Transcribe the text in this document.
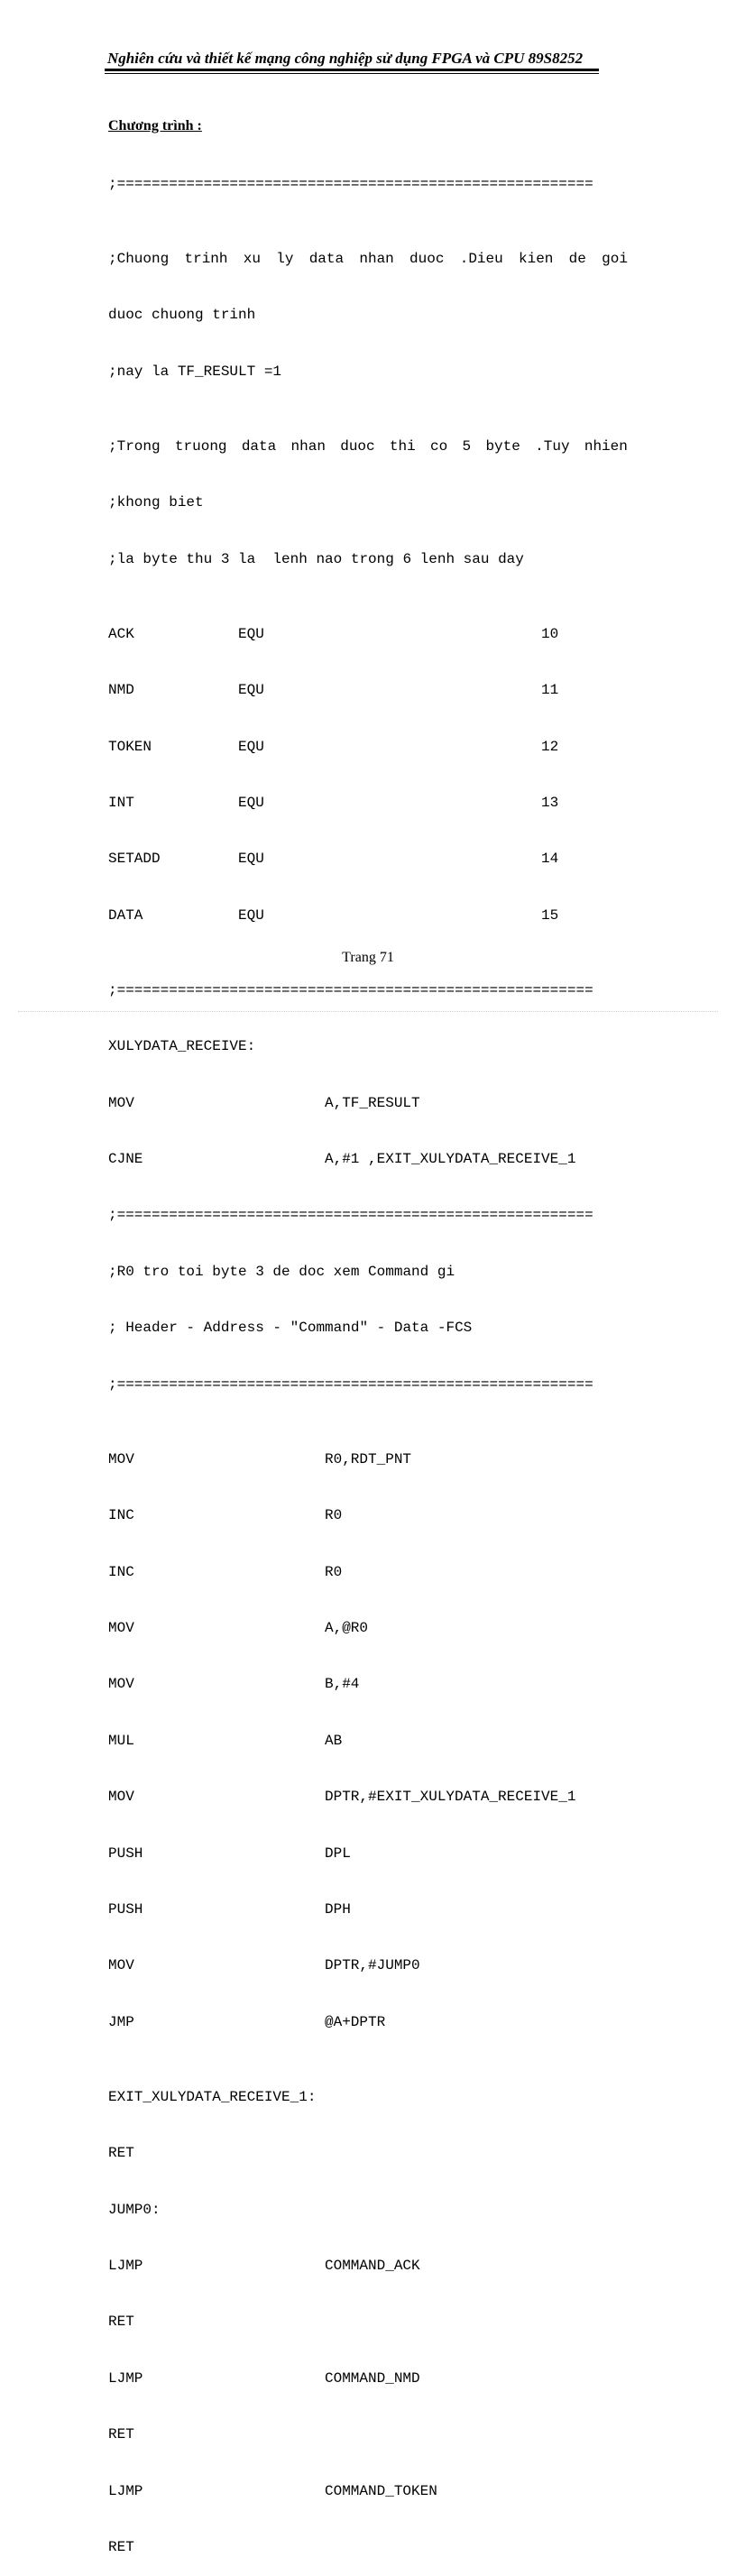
Nghiên cứu và thiết kế mạng công nghiệp sử dụng FPGA và CPU 89S8252
Chương trình :

;=======================================================

;Chuong trinh xu ly data nhan duoc .Dieu kien de goi

duoc chuong trinh

;nay la TF_RESULT =1

;Trong truong data nhan duoc thi co 5 byte .Tuy nhien

;khong biet

;la byte thu 3 la  lenh nao trong 6 lenh sau day

ACK	EQU	10

NMD	EQU	11

TOKEN	EQU	12

INT	EQU	13

SETADD	EQU	14

DATA	EQU	15

;=======================================================

XULYDATA_RECEIVE:

MOV	A,TF_RESULT

CJNE	A,#1 ,EXIT_XULYDATA_RECEIVE_1

;=======================================================

;R0 tro toi byte 3 de doc xem Command gi

; Header - Address - "Command" - Data -FCS

;=======================================================

MOV	R0,RDT_PNT

INC	R0

INC	R0

MOV	A,@R0

MOV	B,#4

MUL	AB

MOV	DPTR,#EXIT_XULYDATA_RECEIVE_1

PUSH	DPL

PUSH	DPH

MOV	DPTR,#JUMP0

JMP	@A+DPTR

EXIT_XULYDATA_RECEIVE_1:

RET

JUMP0:

LJMP	COMMAND_ACK

RET

LJMP	COMMAND_NMD

RET

LJMP	COMMAND_TOKEN

RET

Trang 71
